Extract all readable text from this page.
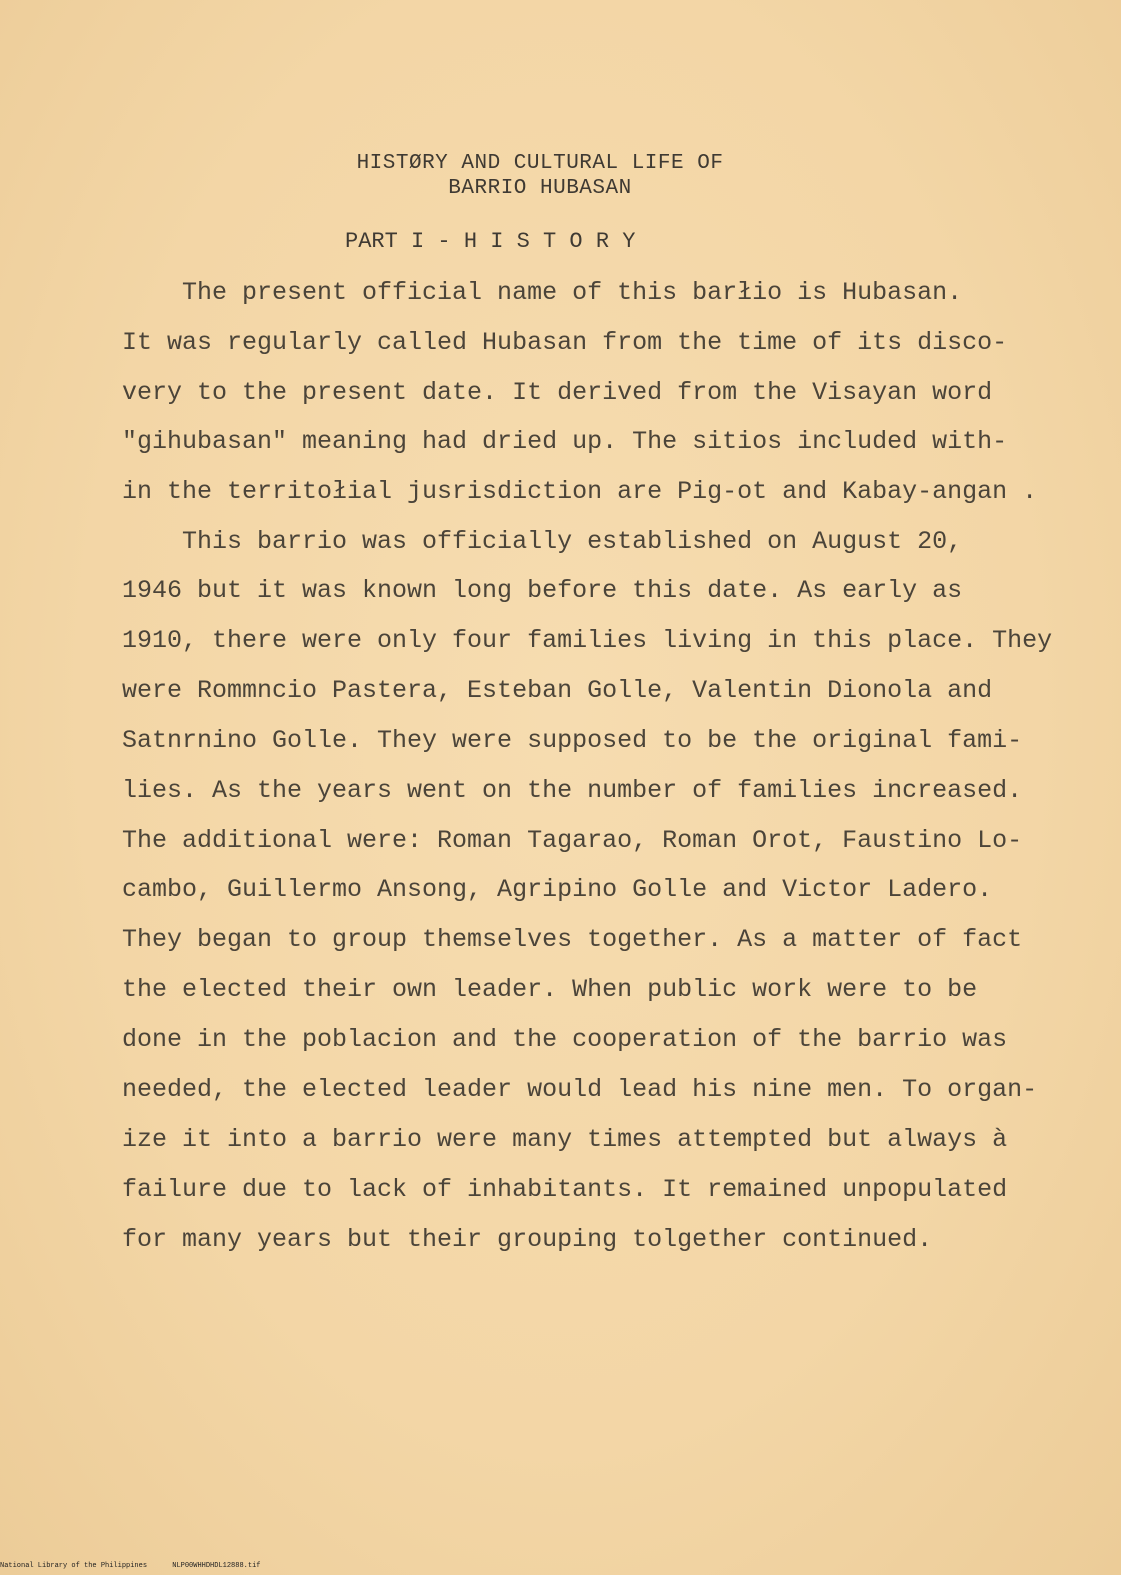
HISTØRY AND CULTURAL LIFE OF
BARRIO HUBASAN
PART I - H I S T O R Y
The present official name of this barłio is Hubasan.
It was regularly called Hubasan from the time of its disco-
very to the present date. It derived from the Visayan word
"gihubasan" meaning had dried up. The sitios included with-
in the territołial jusrisdiction are Pig-ot and Kabay-angan .
This barrio was officially established on August 20,
1946 but it was known long before this date. As early as
1910, there were only four families living in this place. They
were Rommncio Pastera, Esteban Golle, Valentin Dionola and
Satnrnino Golle. They were supposed to be the original fami-
lies. As the years went on the number of families increased.
The additional were: Roman Tagarao, Roman Orot, Faustino Lo-
cambo, Guillermo Ansong, Agripino Golle and Victor Ladero.
They began to group themselves together. As a matter of fact
the elected their own leader. When public work were to be
done in the poblacion and the cooperation of the barrio was
needed, the elected leader would lead his nine men. To organ-
ize it into a barrio were many times attempted but always à
failure due to lack of inhabitants. It remained unpopulated
for many years but their grouping tolgether continued.
National Library of the Philippines	NLP00WHHDHDL12888.tif
